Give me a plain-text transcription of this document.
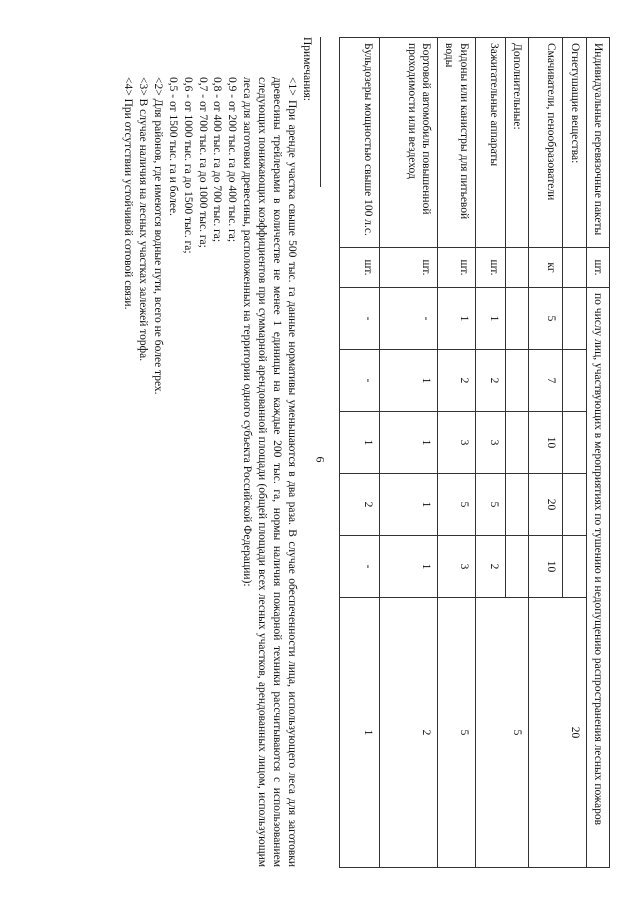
6
Индивидуальные перевязочные пакеты	шт.	по числу лиц, участвующих в мероприятиях по тушению и недопущению распространения лесных пожаров					
Огнетушащие вещества:							20
Смачиватели, пенообразователи	кг	5	7	10	20	10	
Дополнительные:							5
Зажигательные аппараты	шт.	1	2	3	5	2	
Бидоны или канистры для питьевой воды	шт.	1	2	3	5	3	5
Бортовой автомобиль повышенной проходимости или вездеход	шт.	-	1	1	1	1	2
Бульдозеры мощностью свыше 100 л.с.	шт.	-	-	1	2	-	1

Примечания:

<1> При аренде участка свыше 500 тыс. га данные нормативы уменьшаются в два раза. В случае обеспеченности лица, использующего леса для заготовки древесины трейлерами в количестве не менее 1 единицы на каждые 200 тыс. га, нормы наличия пожарной техники рассчитываются с использованием следующих понижающих коэффициентов при суммарной арендованной площади (общей площади всех лесных участков, арендованных лицом, использующим леса для заготовки древесины, расположенных на территории одного субъекта Российской Федерации):

0,9 - от 200 тыс. га до 400 тыс. га;

0,8 - от 400 тыс. га до 700 тыс. га;

0,7 - от 700 тыс. га до 1000 тыс. га;

0,6 - от 1000 тыс. га до 1500 тыс. га;

0,5 - от 1500 тыс. га и более.

<2> Для районов, где имеются водные пути, всего не более трех.

<3> В случае наличия на лесных участках залежей торфа.

<4> При отсутствии устойчивой сотовой связи.
